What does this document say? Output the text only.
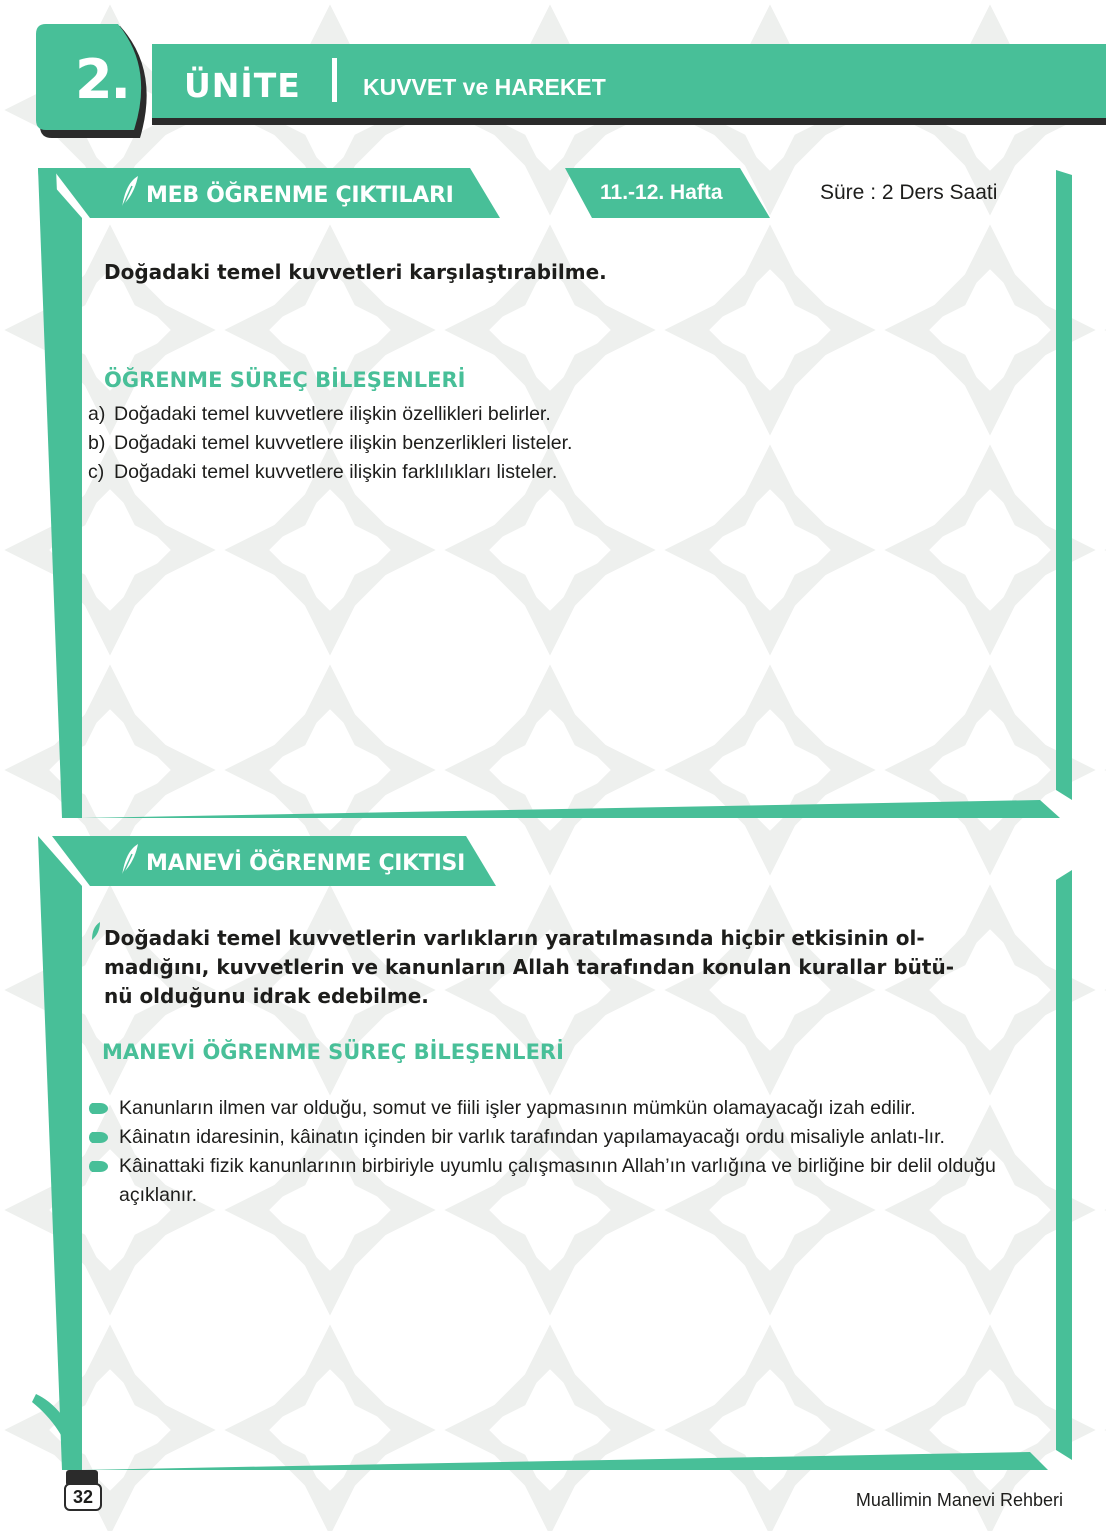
2.	ÜNİTE	KUVVET ve HAREKET
MEB ÖĞRENME ÇIKTILARI	11.-12. Hafta	Süre : 2 Ders Saati
Doğadaki temel kuvvetleri karşılaştırabilme.
ÖĞRENME SÜREÇ BİLEŞENLERİ
a) Doğadaki temel kuvvetlere ilişkin özellikleri belirler.
b) Doğadaki temel kuvvetlere ilişkin benzerlikleri listeler.
c) Doğadaki temel kuvvetlere ilişkin farklılıkları listeler.
MANEVİ ÖĞRENME ÇIKTISI
Doğadaki temel kuvvetlerin varlıkların yaratılmasında hiçbir etkisinin ol-
madığını, kuvvetlerin ve kanunların Allah tarafından konulan kurallar bütü-
nü olduğunu idrak edebilme.
MANEVİ ÖĞRENME SÜREÇ BİLEŞENLERİ
Kanunların ilmen var olduğu, somut ve fiili işler yapmasının mümkün olamayacağı izah edilir.
Kâinatın idaresinin, kâinatın içinden bir varlık tarafından yapılamayacağı ordu misaliyle anlatı-lır.
Kâinattaki fizik kanunlarının birbiriyle uyumlu çalışmasının Allah’ın varlığına ve birliğine bir delil olduğu açıklanır.
32	Muallimin Manevi Rehberi
